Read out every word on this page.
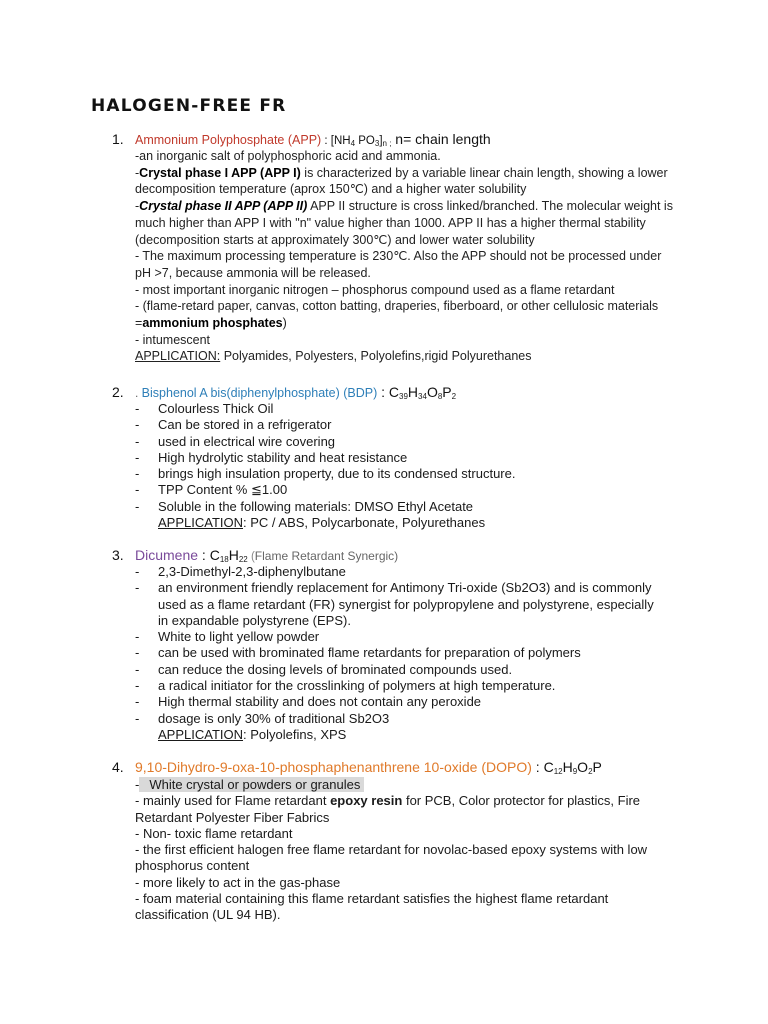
HALOGEN-FREE FR
1. Ammonium Polyphosphate (APP) : [$NH_4$ $PO_3]_{n ;}$ n= chain length

-an inorganic salt of polyphosphoric acid and ammonia.

-Crystal phase I APP (APP I) is characterized by a variable linear chain length, showing a lower decomposition temperature (aprox 150℃) and a higher water solubility

-Crystal phase II APP (APP II) APP II structure is cross linked/branched. The molecular weight is much higher than APP I with "n" value higher than 1000. APP II has a higher thermal stability (decomposition starts at approximately 300℃) and lower water solubility

- The maximum processing temperature is 230℃. Also the APP should not be processed under pH >7, because ammonia will be released.

- most important inorganic nitrogen – phosphorus compound used as a flame retardant

- (flame-retard paper, canvas, cotton batting, draperies, fiberboard, or other cellulosic materials =ammonium phosphates)

- intumescent

APPLICATION: Polyamides, Polyesters, Polyolefins,rigid Polyurethanes

2. . Bisphenol A bis(diphenylphosphate) (BDP) : $C_{39}H_{34}O_8P_2$
- Colourless Thick Oil
- Can be stored in a refrigerator
- used in electrical wire covering
- High hydrolytic stability and heat resistance
- brings high insulation property, due to its condensed structure.
- TPP Content % ≦1.00
- Soluble in the following materials: DMSO Ethyl Acetate
APPLICATION: PC / ABS, Polycarbonate, Polyurethanes
3. Dicumene : $C_{18}H_{22}$ (Flame Retardant Synergic)
- 2,3-Dimethyl-2,3-diphenylbutane
- an environment friendly replacement for Antimony Tri-oxide (Sb2O3) and is commonly used as a flame retardant (FR) synergist for polypropylene and polystyrene, especially in expandable polystyrene (EPS).
- White to light yellow powder
- can be used with brominated flame retardants for preparation of polymers
- can reduce the dosing levels of brominated compounds used.
- a radical initiator for the crosslinking of polymers at high temperature.
- High thermal stability and does not contain any peroxide
- dosage is only 30% of traditional Sb2O3
APPLICATION: Polyolefins, XPS
4. 9,10-Dihydro-9-oxa-10-phosphaphenanthrene 10-oxide (DOPO) : $C_{12}H_9O_2P$

- White crystal or powders or granules

- mainly used for Flame retardant epoxy resin for PCB, Color protector for plastics, Fire Retardant Polyester Fiber Fabrics

- Non- toxic flame retardant

- the first efficient halogen free flame retardant for novolac-based epoxy systems with low phosphorus content

- more likely to act in the gas-phase

- foam material containing this flame retardant satisfies the highest flame retardant classification (UL 94 HB).
